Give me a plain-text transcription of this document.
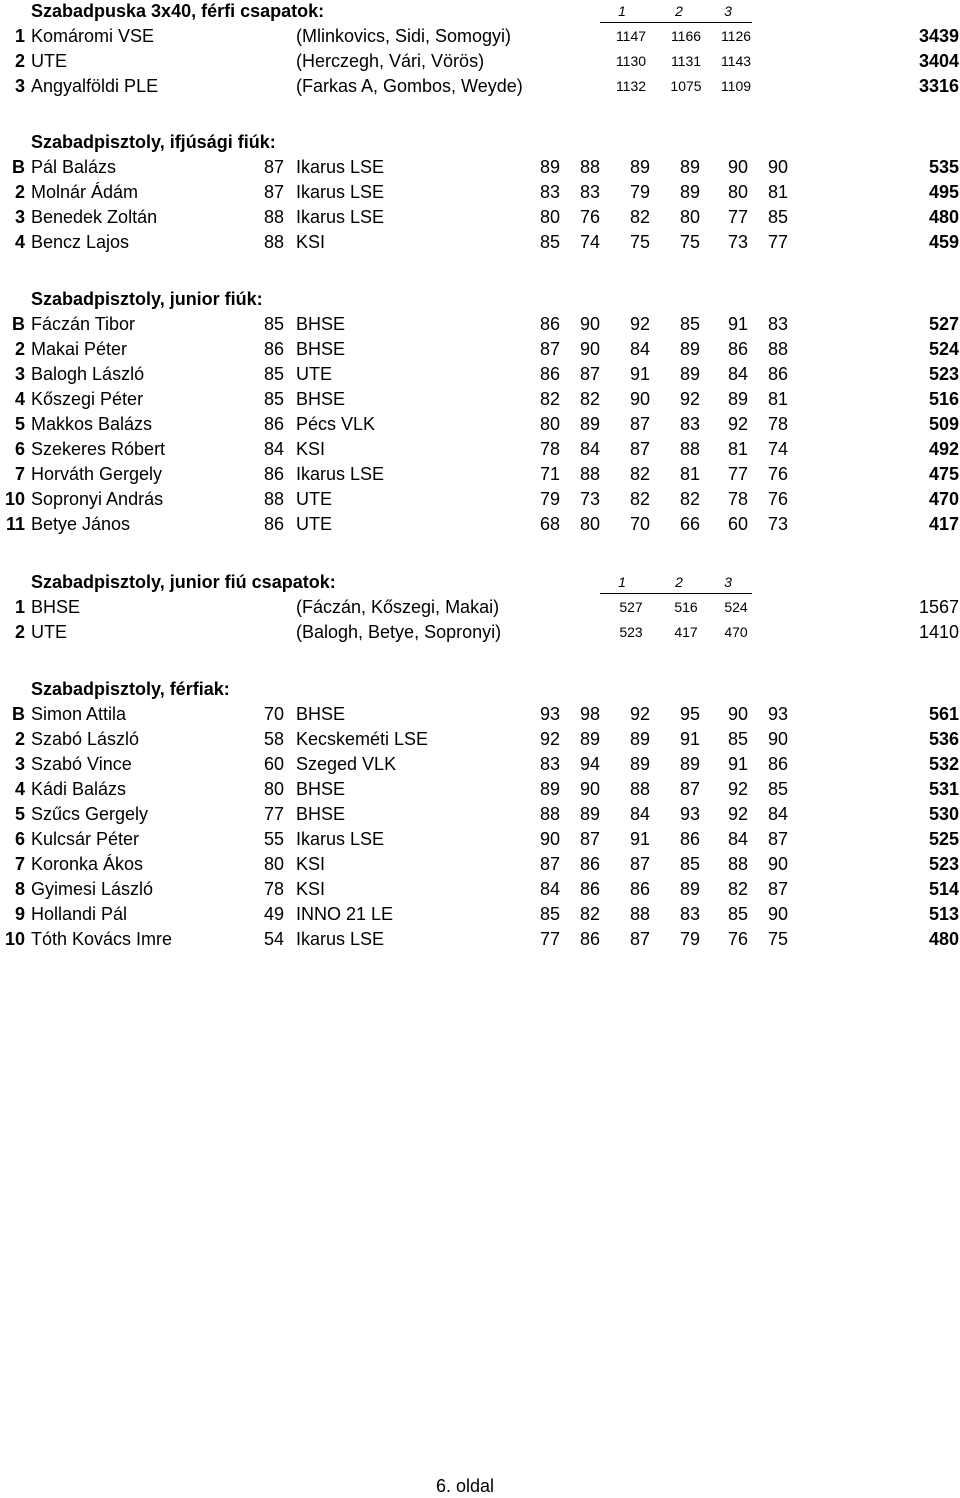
Szabadpuska 3x40, férfi csapatok:	1	2	3
1 Komáromi VSE	(Mlinkovics, Sidi, Somogyi)	1147	1166	1126	3439
2 UTE	(Herczegh, Vári, Vörös)	1130	1131	1143	3404
3 Angyalföldi PLE	(Farkas A, Gombos, Weyde)	1132	1075	1109	3316
Szabadpisztoly, ifjúsági fiúk:
B Pál Balázs	87 Ikarus LSE	89	88	89	89	90	90	535
2 Molnár Ádám	87 Ikarus LSE	83	83	79	89	80	81	495
3 Benedek Zoltán	88 Ikarus LSE	80	76	82	80	77	85	480
4 Bencz Lajos	88 KSI	85	74	75	75	73	77	459
Szabadpisztoly, junior fiúk:
B Fáczán Tibor	85 BHSE	86	90	92	85	91	83	527
2 Makai Péter	86 BHSE	87	90	84	89	86	88	524
3 Balogh László	85 UTE	86	87	91	89	84	86	523
4 Kőszegi Péter	85 BHSE	82	82	90	92	89	81	516
5 Makkos Balázs	86 Pécs VLK	80	89	87	83	92	78	509
6 Szekeres Róbert	84 KSI	78	84	87	88	81	74	492
7 Horváth Gergely	86 Ikarus LSE	71	88	82	81	77	76	475
10 Sopronyi András	88 UTE	79	73	82	82	78	76	470
11 Betye János	86 UTE	68	80	70	66	60	73	417
Szabadpisztoly, junior fiú csapatok:	1	2	3
1 BHSE	(Fáczán, Kőszegi, Makai)	527	516	524	1567
2 UTE	(Balogh, Betye, Sopronyi)	523	417	470	1410
Szabadpisztoly, férfiak:
B Simon Attila	70 BHSE	93	98	92	95	90	93	561
2 Szabó László	58 Kecskeméti LSE	92	89	89	91	85	90	536
3 Szabó Vince	60 Szeged VLK	83	94	89	89	91	86	532
4 Kádi Balázs	80 BHSE	89	90	88	87	92	85	531
5 Szűcs Gergely	77 BHSE	88	89	84	93	92	84	530
6 Kulcsár Péter	55 Ikarus LSE	90	87	91	86	84	87	525
7 Koronka Ákos	80 KSI	87	86	87	85	88	90	523
8 Gyimesi László	78 KSI	84	86	86	89	82	87	514
9 Hollandi Pál	49 INNO 21 LE	85	82	88	83	85	90	513
10 Tóth Kovács Imre	54 Ikarus LSE	77	86	87	79	76	75	480
6. oldal
